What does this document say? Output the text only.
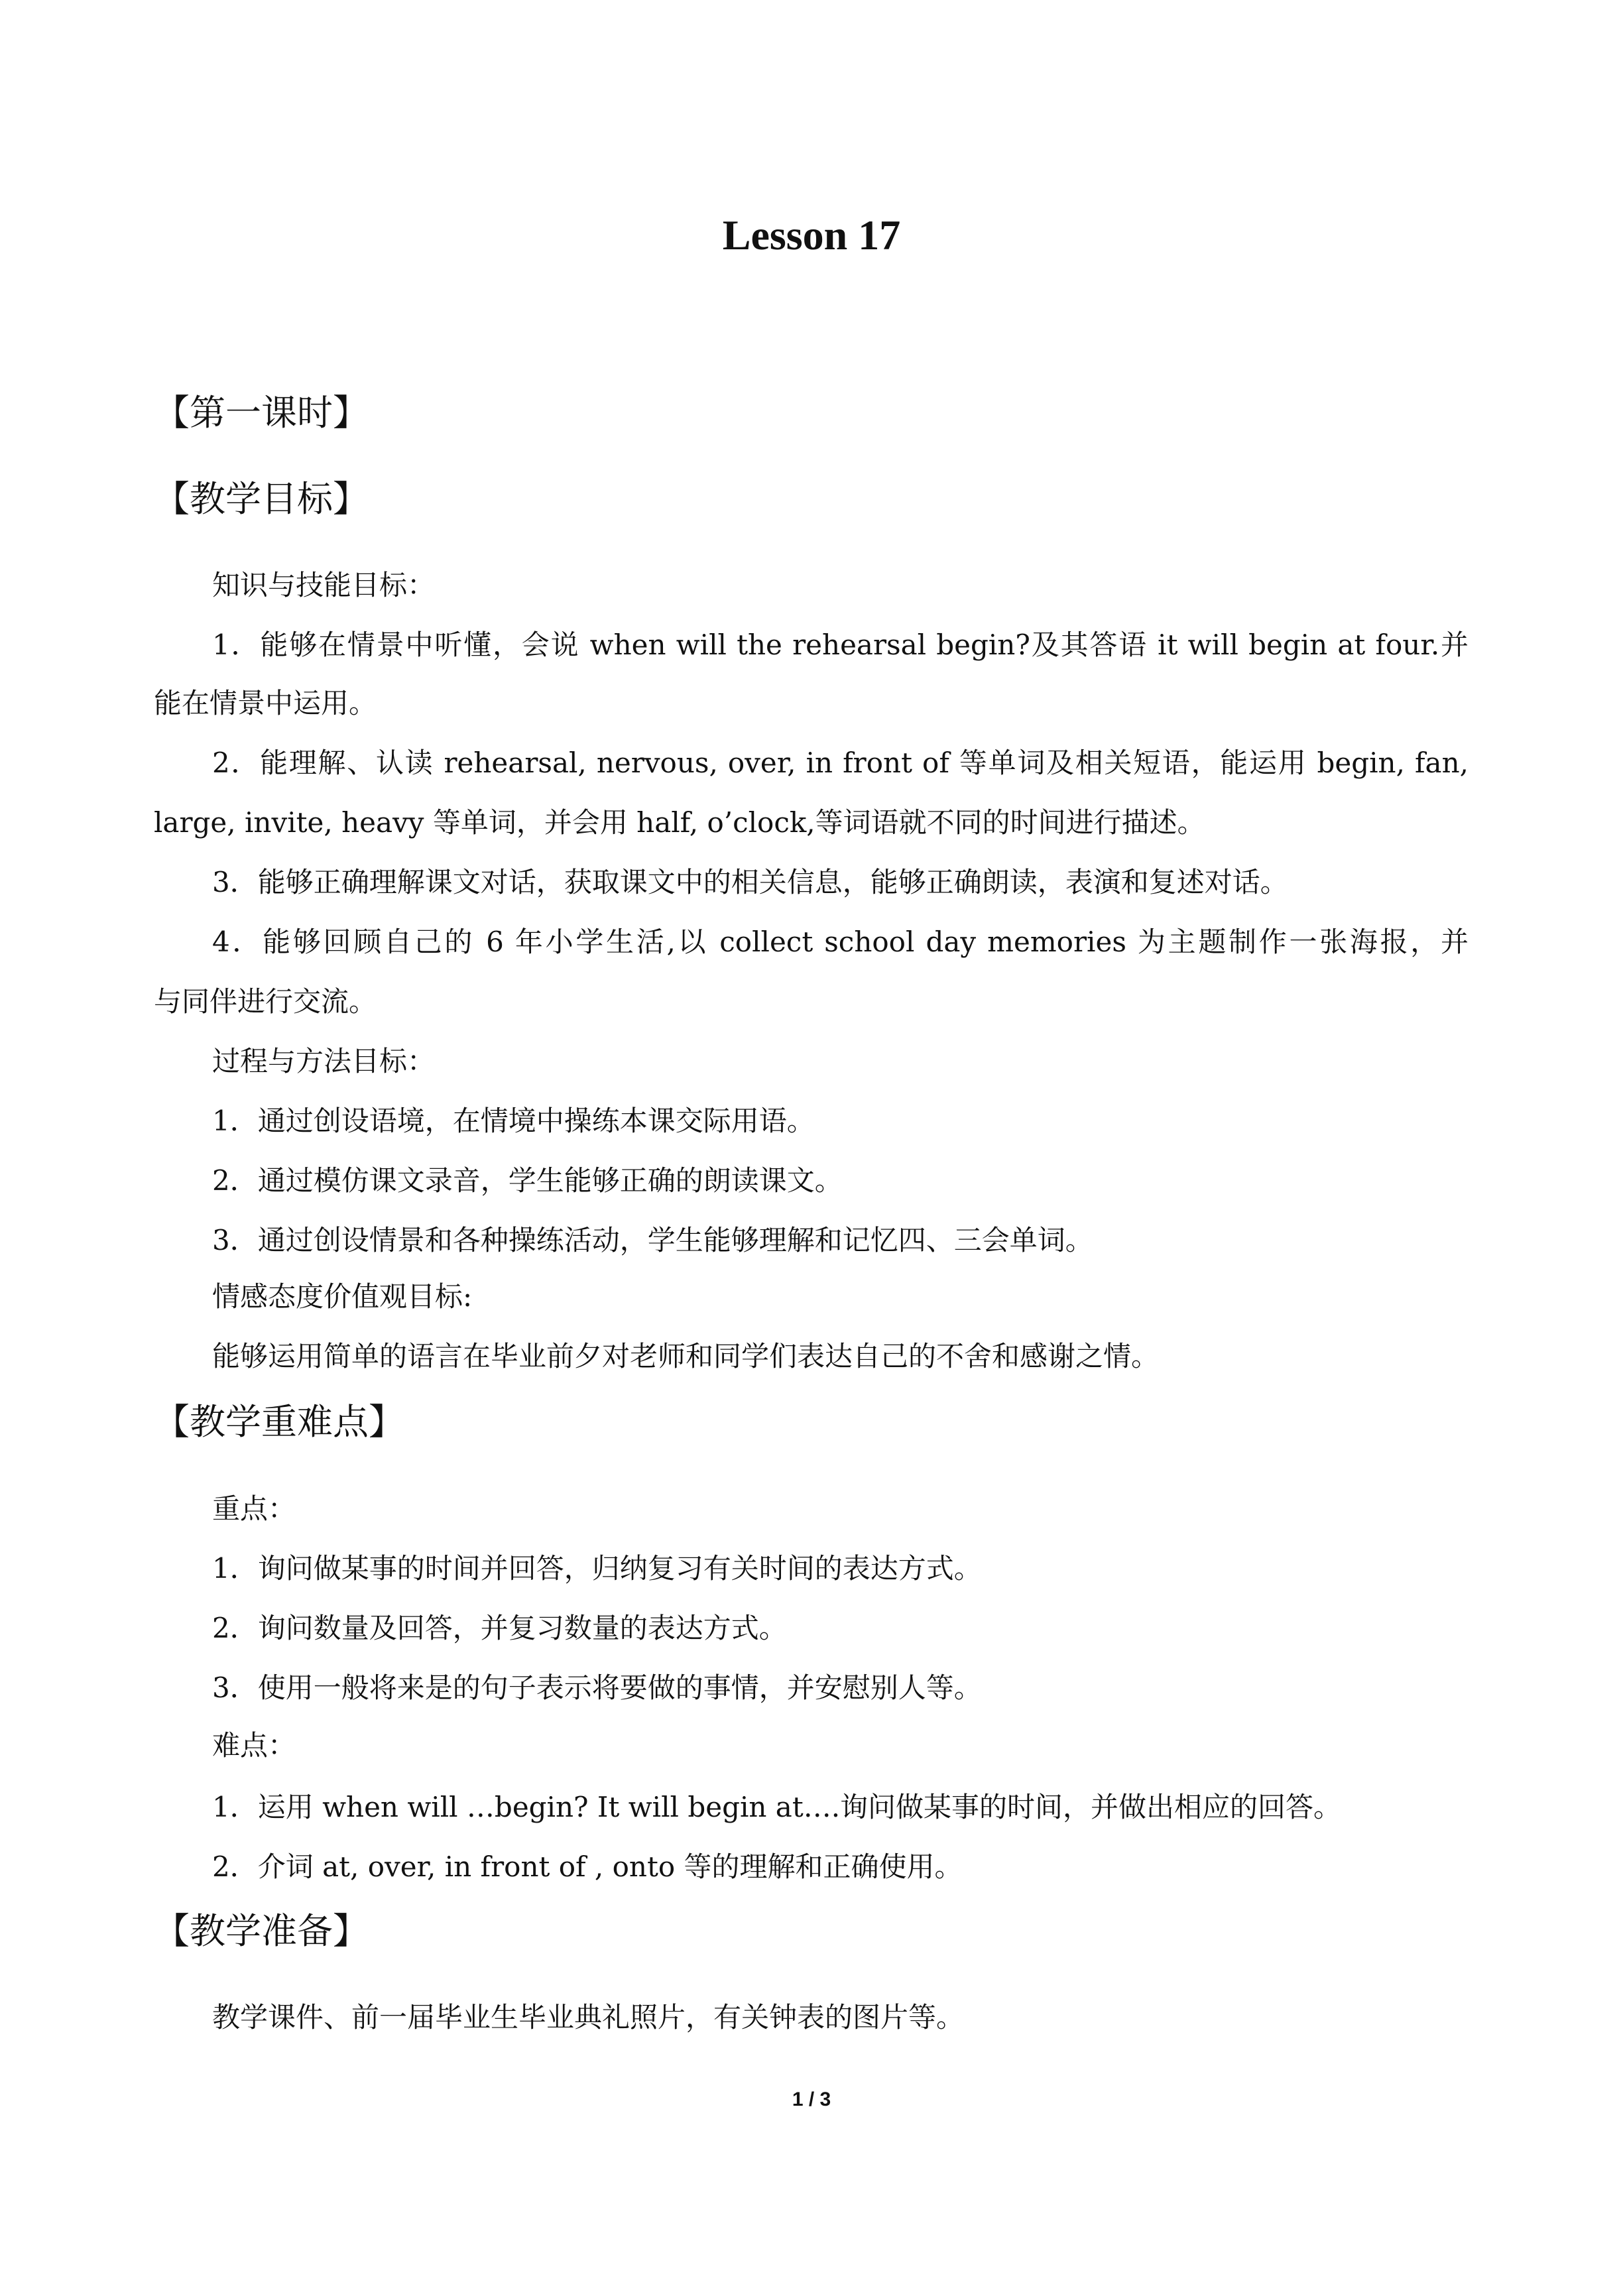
Lesson 17
【第一课时】
【教学目标】
知识与技能目标：
1．能够在情景中听懂，会说 when will the rehearsal begin?及其答语 it will begin at four.并
能在情景中运用。
2．能理解、认读 rehearsal, nervous, over, in front of 等单词及相关短语，能运用 begin, fan,
large, invite, heavy 等单词，并会用 half, o’clock,等词语就不同的时间进行描述。
3．能够正确理解课文对话，获取课文中的相关信息，能够正确朗读，表演和复述对话。
4．能够回顾自己的 6 年小学生活,以 collect school day memories 为主题制作一张海报，并
与同伴进行交流。
过程与方法目标：
1．通过创设语境，在情境中操练本课交际用语。
2．通过模仿课文录音，学生能够正确的朗读课文。
3．通过创设情景和各种操练活动，学生能够理解和记忆四、三会单词。
情感态度价值观目标:
能够运用简单的语言在毕业前夕对老师和同学们表达自己的不舍和感谢之情。
【教学重难点】
重点：
1．询问做某事的时间并回答，归纳复习有关时间的表达方式。
2．询问数量及回答，并复习数量的表达方式。
3．使用一般将来是的句子表示将要做的事情，并安慰别人等。
难点：
1．运用 when will …begin? It will begin at….询问做某事的时间，并做出相应的回答。
2．介词 at, over, in front of , onto 等的理解和正确使用。
【教学准备】
教学课件、前一届毕业生毕业典礼照片，有关钟表的图片等。
1 / 3
